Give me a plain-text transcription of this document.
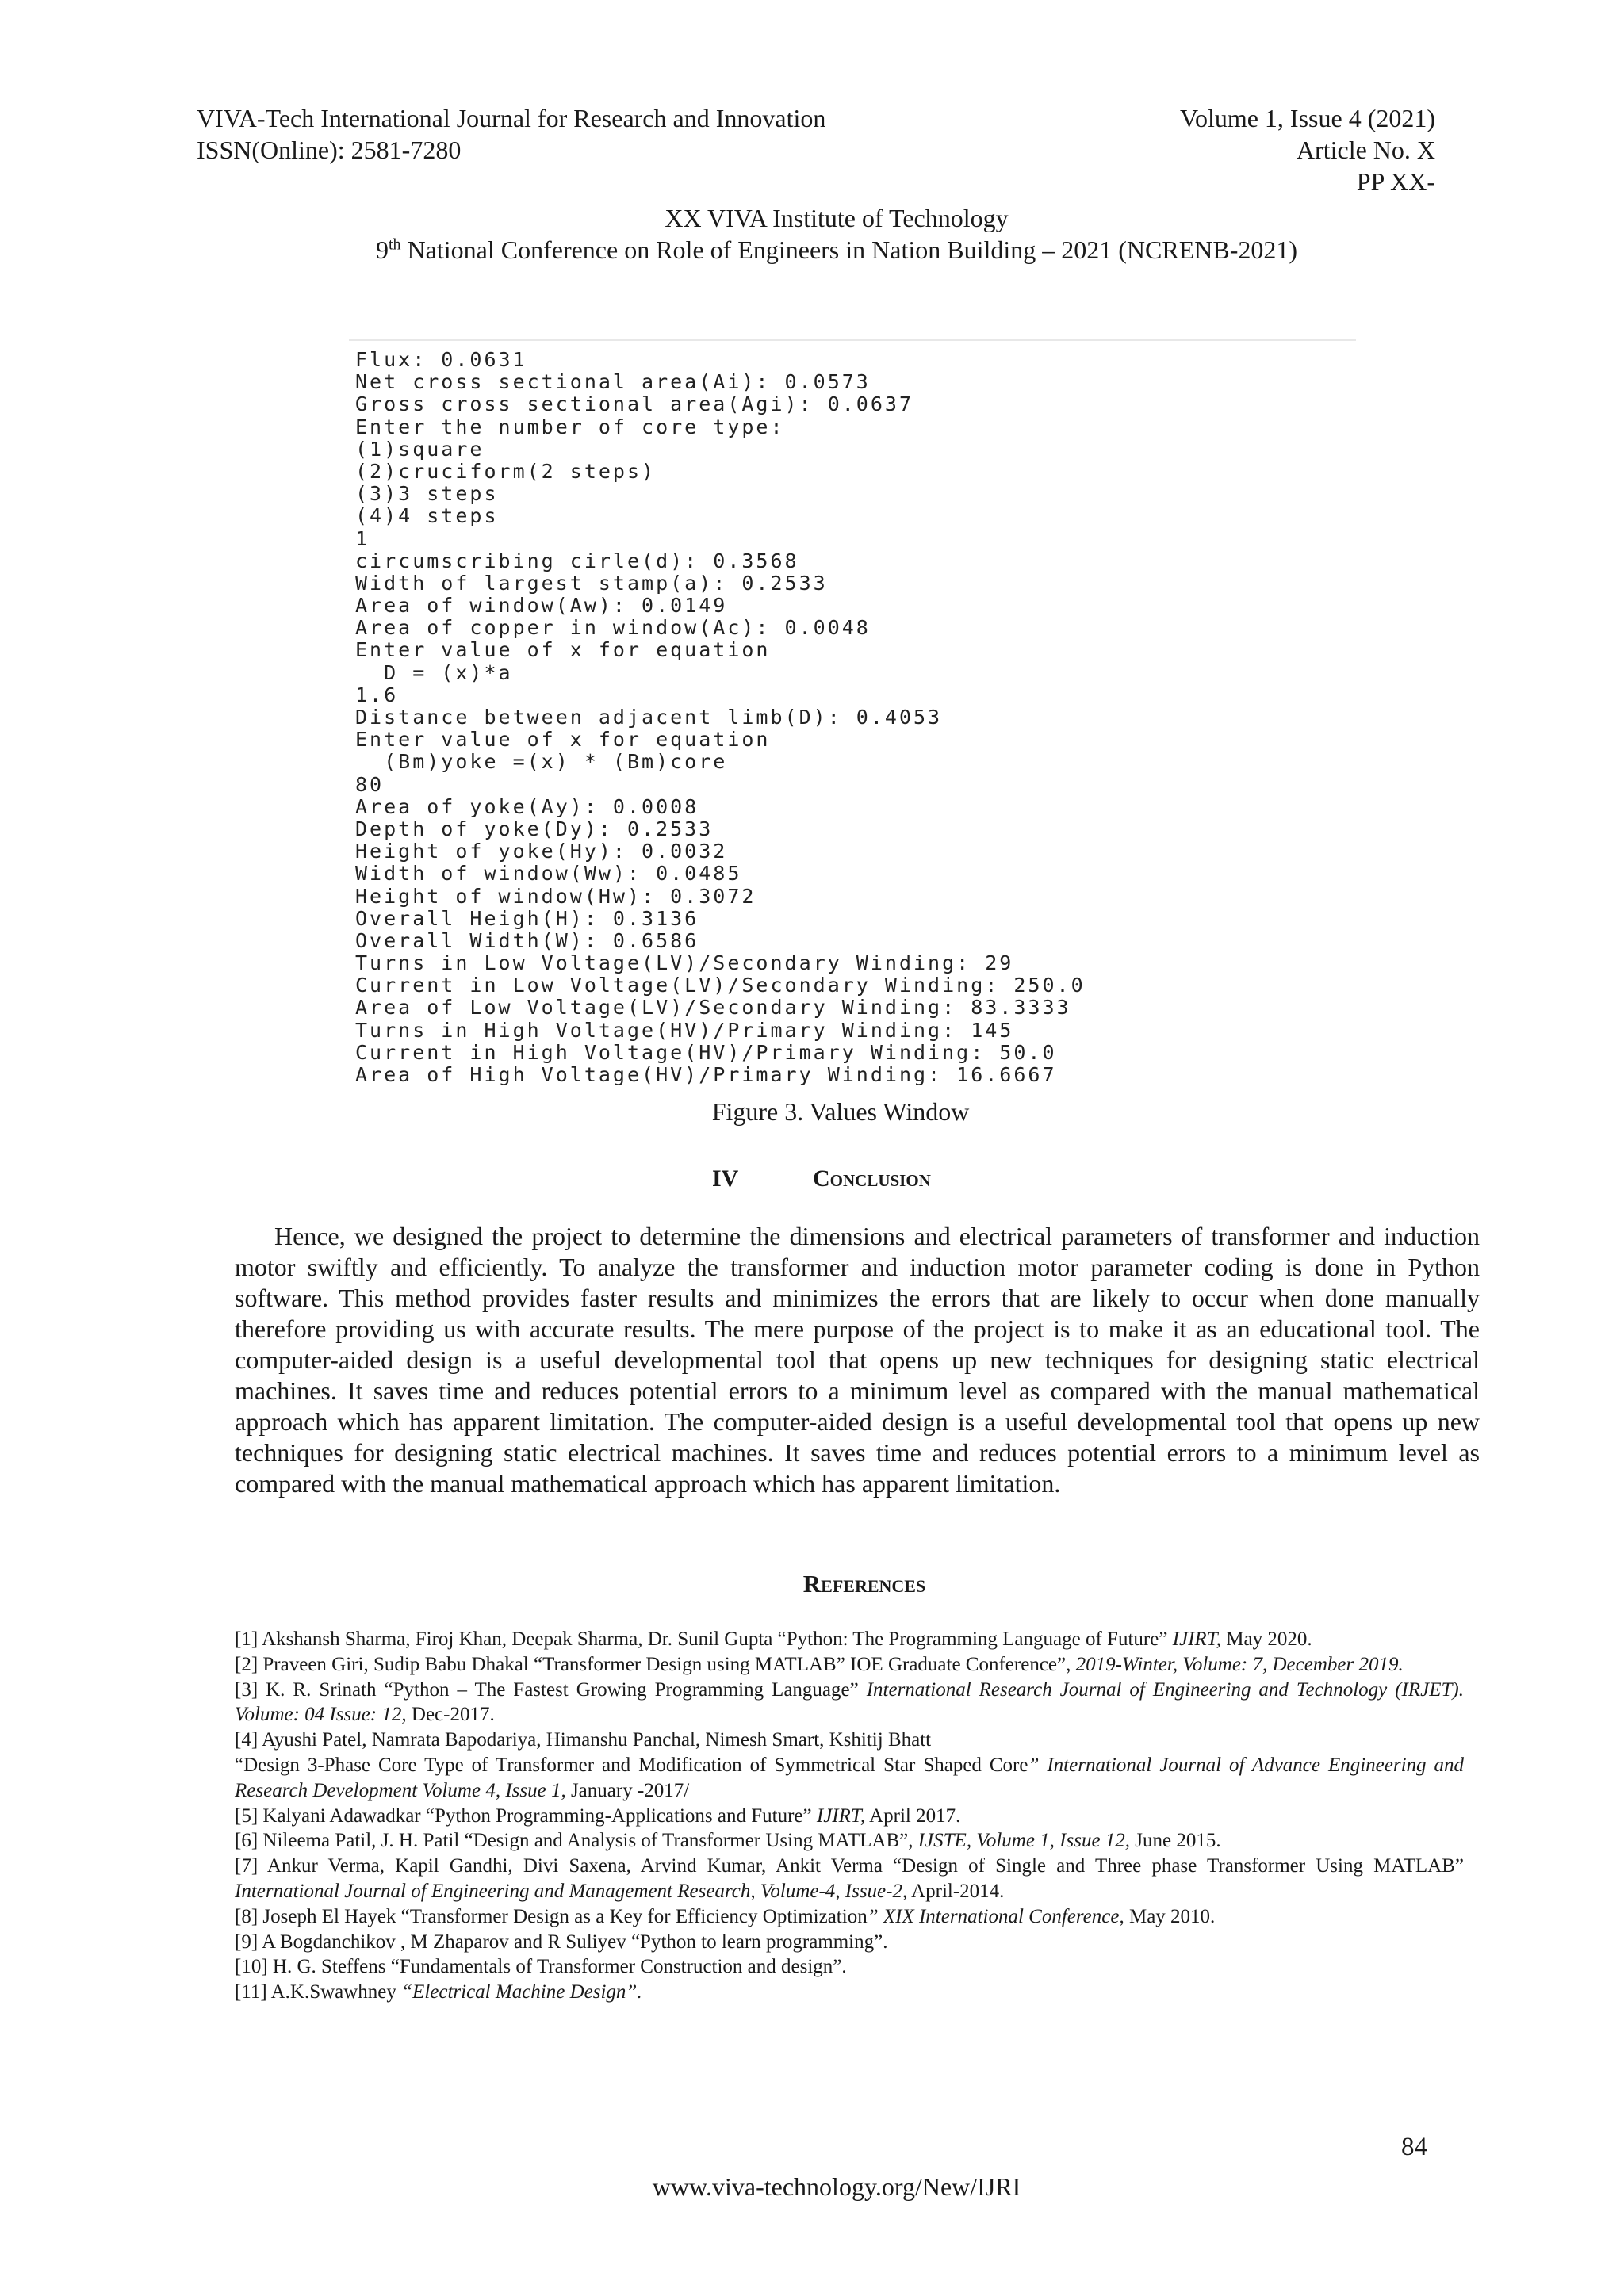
VIVA-Tech International Journal for Research and Innovation
ISSN(Online): 2581-7280
Volume 1, Issue 4 (2021)
Article No. X
PP XX-
XX VIVA Institute of Technology
9th National Conference on Role of Engineers in Nation Building – 2021 (NCRENB-2021)
Flux: 0.0631
Net cross sectional area(Ai): 0.0573
Gross cross sectional area(Agi): 0.0637
Enter the number of core type:
(1)square
(2)cruciform(2 steps)
(3)3 steps
(4)4 steps
1
circumscribing cirle(d): 0.3568
Width of largest stamp(a): 0.2533
Area of window(Aw): 0.0149
Area of copper in window(Ac): 0.0048
Enter value of x for equation
D = (x)*a
1.6
Distance between adjacent limb(D): 0.4053
Enter value of x for equation
(Bm)yoke =(x) * (Bm)core
80
Area of yoke(Ay): 0.0008
Depth of yoke(Dy): 0.2533
Height of yoke(Hy): 0.0032
Width of window(Ww): 0.0485
Height of window(Hw): 0.3072
Overall Heigh(H): 0.3136
Overall Width(W): 0.6586
Turns in Low Voltage(LV)/Secondary Winding: 29
Current in Low Voltage(LV)/Secondary Winding: 250.0
Area of Low Voltage(LV)/Secondary Winding: 83.3333
Turns in High Voltage(HV)/Primary Winding: 145
Current in High Voltage(HV)/Primary Winding: 50.0
Area of High Voltage(HV)/Primary Winding: 16.6667
Figure 3. Values Window
IV	Conclusion

Hence, we designed the project to determine the dimensions and electrical parameters of transformer and induction motor swiftly and efficiently. To analyze the transformer and induction motor parameter coding is done in Python software. This method provides faster results and minimizes the errors that are likely to occur when done manually therefore providing us with accurate results. The mere purpose of the project is to make it as an educational tool. The computer-aided design is a useful developmental tool that opens up new techniques for designing static electrical machines. It saves time and reduces potential errors to a minimum level as compared with the manual mathematical approach which has apparent limitation. The computer-aided design is a useful developmental tool that opens up new techniques for designing static electrical machines. It saves time and reduces potential errors to a minimum level as compared with the manual mathematical approach which has apparent limitation.

References
[1] Akshansh Sharma, Firoj Khan, Deepak Sharma, Dr. Sunil Gupta “Python: The Programming Language of Future” IJIRT, May 2020.
[2] Praveen Giri, Sudip Babu Dhakal “Transformer Design using MATLAB” IOE Graduate Conference”, 2019-Winter, Volume: 7, December 2019.
[3] K. R. Srinath “Python – The Fastest Growing Programming Language” International Research Journal of Engineering and Technology (IRJET). Volume: 04 Issue: 12, Dec-2017.
[4] Ayushi Patel, Namrata Bapodariya, Himanshu Panchal, Nimesh Smart, Kshitij Bhatt
“Design 3-Phase Core Type of Transformer and Modification of Symmetrical Star Shaped Core” International Journal of Advance Engineering and Research Development Volume 4, Issue 1, January -2017/
[5] Kalyani Adawadkar “Python Programming-Applications and Future” IJIRT, April 2017.
[6] Nileema Patil, J. H. Patil “Design and Analysis of Transformer Using MATLAB”, IJSTE, Volume 1, Issue 12, June 2015.
[7] Ankur Verma, Kapil Gandhi, Divi Saxena, Arvind Kumar, Ankit Verma “Design of Single and Three phase Transformer Using MATLAB” International Journal of Engineering and Management Research, Volume-4, Issue-2, April-2014.
[8] Joseph El Hayek “Transformer Design as a Key for Efficiency Optimization” XIX International Conference, May 2010.
[9] A Bogdanchikov , M Zhaparov and R Suliyev “Python to learn programming”.
[10] H. G. Steffens “Fundamentals of Transformer Construction and design”.
[11] A.K.Swawhney “Electrical Machine Design”.
84
www.viva-technology.org/New/IJRI
